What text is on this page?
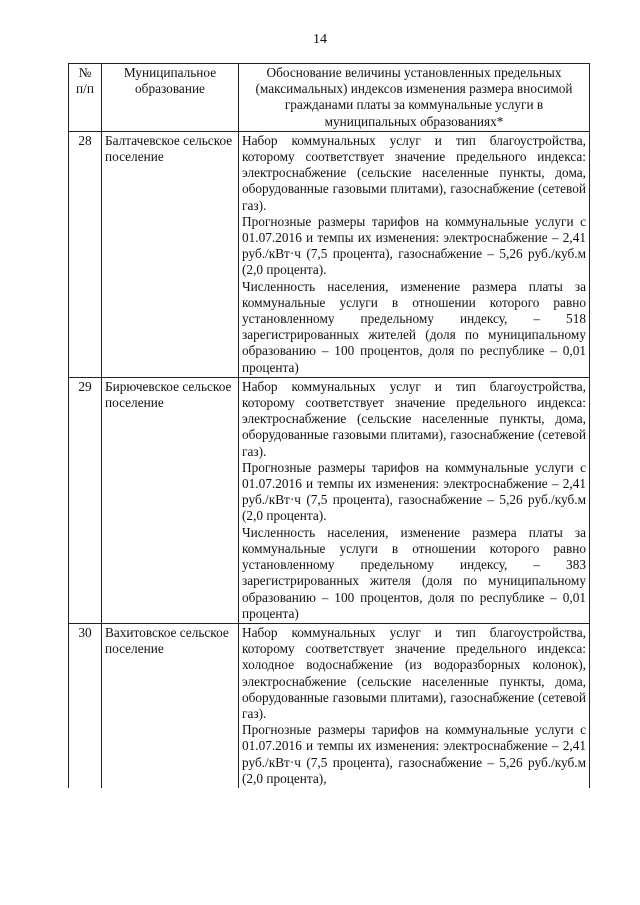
14
№ п/п	Муниципальное образование	Обоснование величины установленных предельных (максимальных) индексов изменения размера вносимой гражданами платы за коммунальные услуги в муниципальных образованиях*
28	Балтачевское сельское поселение	Набор коммунальных услуг и тип благоустройства, которому соответствует значение предельного индекса: электроснабжение (сельские населенные пункты, дома, оборудованные газовыми плитами), газоснабжение (сетевой газ).
Прогнозные размеры тарифов на коммунальные услуги с 01.07.2016 и темпы их изменения: электроснабжение – 2,41 руб./кВт·ч (7,5 процента), газоснабжение – 5,26 руб./куб.м (2,0 процента).
Численность населения, изменение размера платы за коммунальные услуги в отношении которого равно установленному предельному индексу, – 518 зарегистрированных жителей (доля по муниципальному образованию – 100 процентов, доля по республике – 0,01 процента)

29	Бирючевское сельское поселение	Набор коммунальных услуг и тип благоустройства, которому соответствует значение предельного индекса: электроснабжение (сельские населенные пункты, дома, оборудованные газовыми плитами), газоснабжение (сетевой газ).
Прогнозные размеры тарифов на коммунальные услуги с 01.07.2016 и темпы их изменения: электроснабжение – 2,41 руб./кВт·ч (7,5 процента), газоснабжение – 5,26 руб./куб.м (2,0 процента).
Численность населения, изменение размера платы за коммунальные услуги в отношении которого равно установленному предельному индексу, – 383 зарегистрированных жителя (доля по муниципальному образованию – 100 процентов, доля по республике – 0,01 процента)

30	Вахитовское сельское поселение	Набор коммунальных услуг и тип благоустройства, которому соответствует значение предельного индекса: холодное водоснабжение (из водоразборных колонок), электроснабжение (сельские населенные пункты, дома, оборудованные газовыми плитами), газоснабжение (сетевой газ).
Прогнозные размеры тарифов на коммунальные услуги с 01.07.2016 и темпы их изменения: электроснабжение – 2,41 руб./кВт·ч (7,5 процента), газоснабжение – 5,26 руб./куб.м (2,0 процента),
